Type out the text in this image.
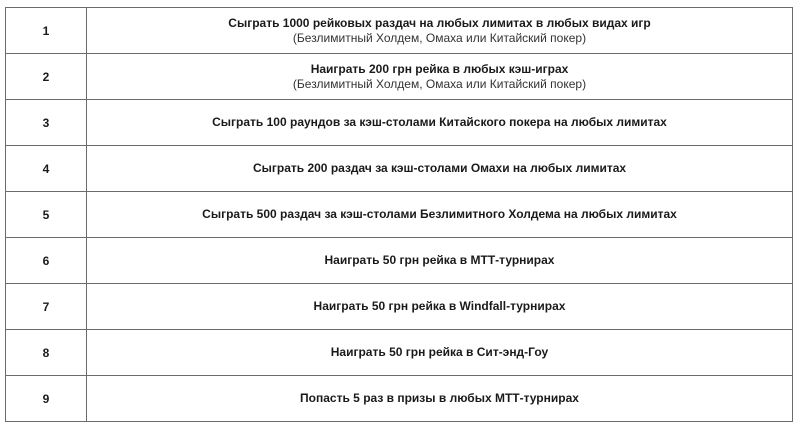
1	Сыграть 1000 рейковых раздач на любых лимитах в любых видах игр
(Безлимитный Холдем, Омаха или Китайский покер)

2	Наиграть 200 грн рейка в любых кэш-играх
(Безлимитный Холдем, Омаха или Китайский покер)

3	Сыграть 100 раундов за кэш-столами Китайского покера на любых лимитах

4	Сыграть 200 раздач за кэш-столами Омахи на любых лимитах

5	Сыграть 500 раздач за кэш-столами Безлимитного Холдема на любых лимитах

6	Наиграть 50 грн рейка в МТТ-турнирах

7	Наиграть 50 грн рейка в Windfall-турнирах

8	Наиграть 50 грн рейка в Сит-энд-Гоу

9	Попасть 5 раз в призы в любых МТТ-турнирах
